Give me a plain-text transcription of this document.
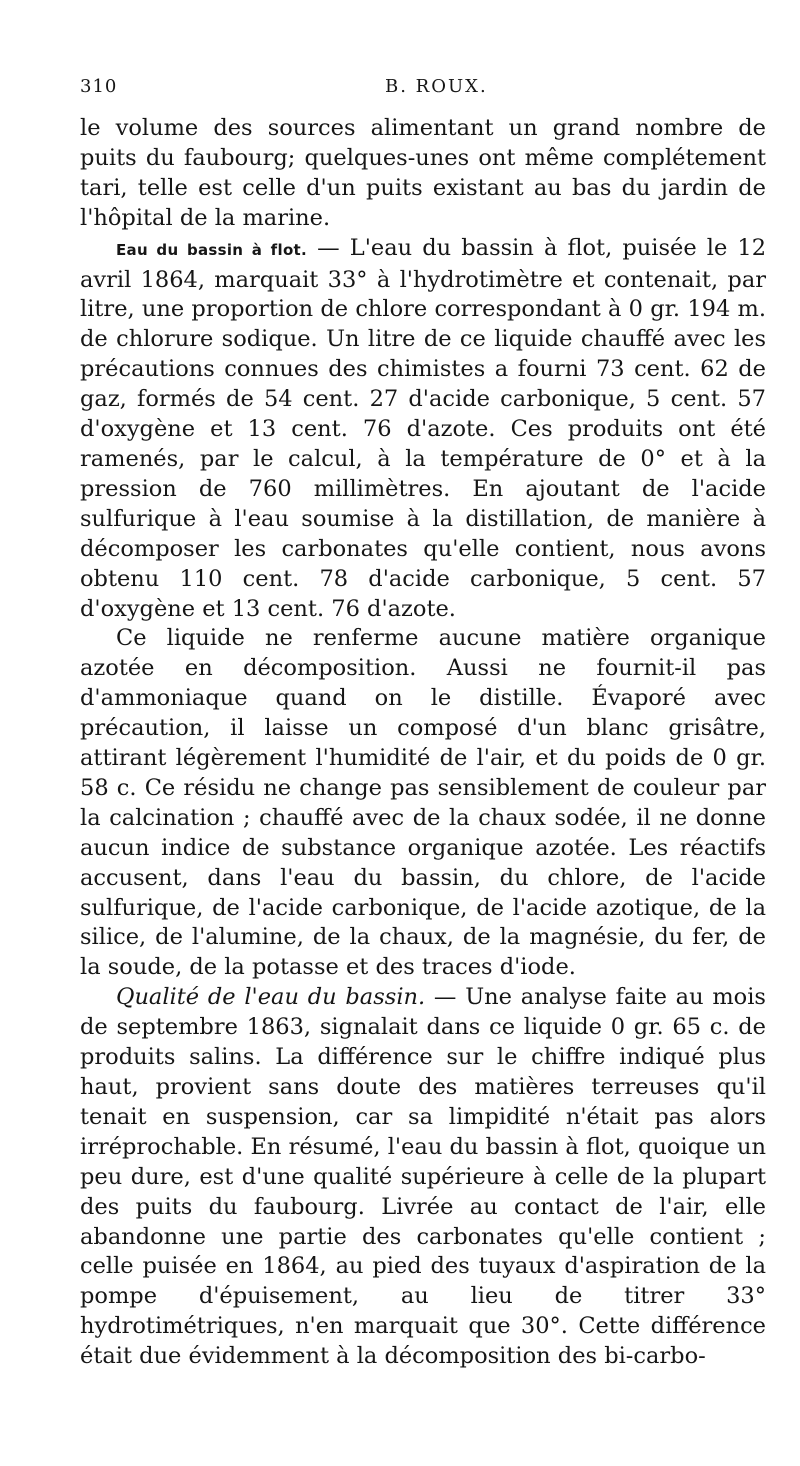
310	B. ROUX.

le volume des sources alimentant un grand nombre de puits du faubourg; quelques-unes ont même complétement tari, telle est celle d'un puits existant au bas du jardin de l'hôpital de la marine.

Eau du bassin à flot. — L'eau du bassin à flot, puisée le 12 avril 1864, marquait 33° à l'hydrotimètre et contenait, par litre, une proportion de chlore correspondant à 0 gr. 194 m. de chlorure sodique. Un litre de ce liquide chauffé avec les précautions connues des chimistes a fourni 73 cent. 62 de gaz, formés de 54 cent. 27 d'acide carbonique, 5 cent. 57 d'oxygène et 13 cent. 76 d'azote. Ces produits ont été ramenés, par le calcul, à la température de 0° et à la pression de 760 millimètres. En ajoutant de l'acide sulfurique à l'eau soumise à la distillation, de manière à décomposer les carbonates qu'elle contient, nous avons obtenu 110 cent. 78 d'acide carbonique, 5 cent. 57 d'oxygène et 13 cent. 76 d'azote.

Ce liquide ne renferme aucune matière organique azotée en décomposition. Aussi ne fournit-il pas d'ammoniaque quand on le distille. Évaporé avec précaution, il laisse un composé d'un blanc grisâtre, attirant légèrement l'humidité de l'air, et du poids de 0 gr. 58 c. Ce résidu ne change pas sensiblement de couleur par la calcination ; chauffé avec de la chaux sodée, il ne donne aucun indice de substance organique azotée. Les réactifs accusent, dans l'eau du bassin, du chlore, de l'acide sulfurique, de l'acide carbonique, de l'acide azotique, de la silice, de l'alumine, de la chaux, de la magnésie, du fer, de la soude, de la potasse et des traces d'iode.

Qualité de l'eau du bassin. — Une analyse faite au mois de septembre 1863, signalait dans ce liquide 0 gr. 65 c. de produits salins. La différence sur le chiffre indiqué plus haut, provient sans doute des matières terreuses qu'il tenait en suspension, car sa limpidité n'était pas alors irréprochable. En résumé, l'eau du bassin à flot, quoique un peu dure, est d'une qualité supérieure à celle de la plupart des puits du faubourg. Livrée au contact de l'air, elle abandonne une partie des carbonates qu'elle contient ; celle puisée en 1864, au pied des tuyaux d'aspiration de la pompe d'épuisement, au lieu de titrer 33° hydrotimétriques, n'en marquait que 30°. Cette différence était due évidemment à la décomposition des bi-carbo-
